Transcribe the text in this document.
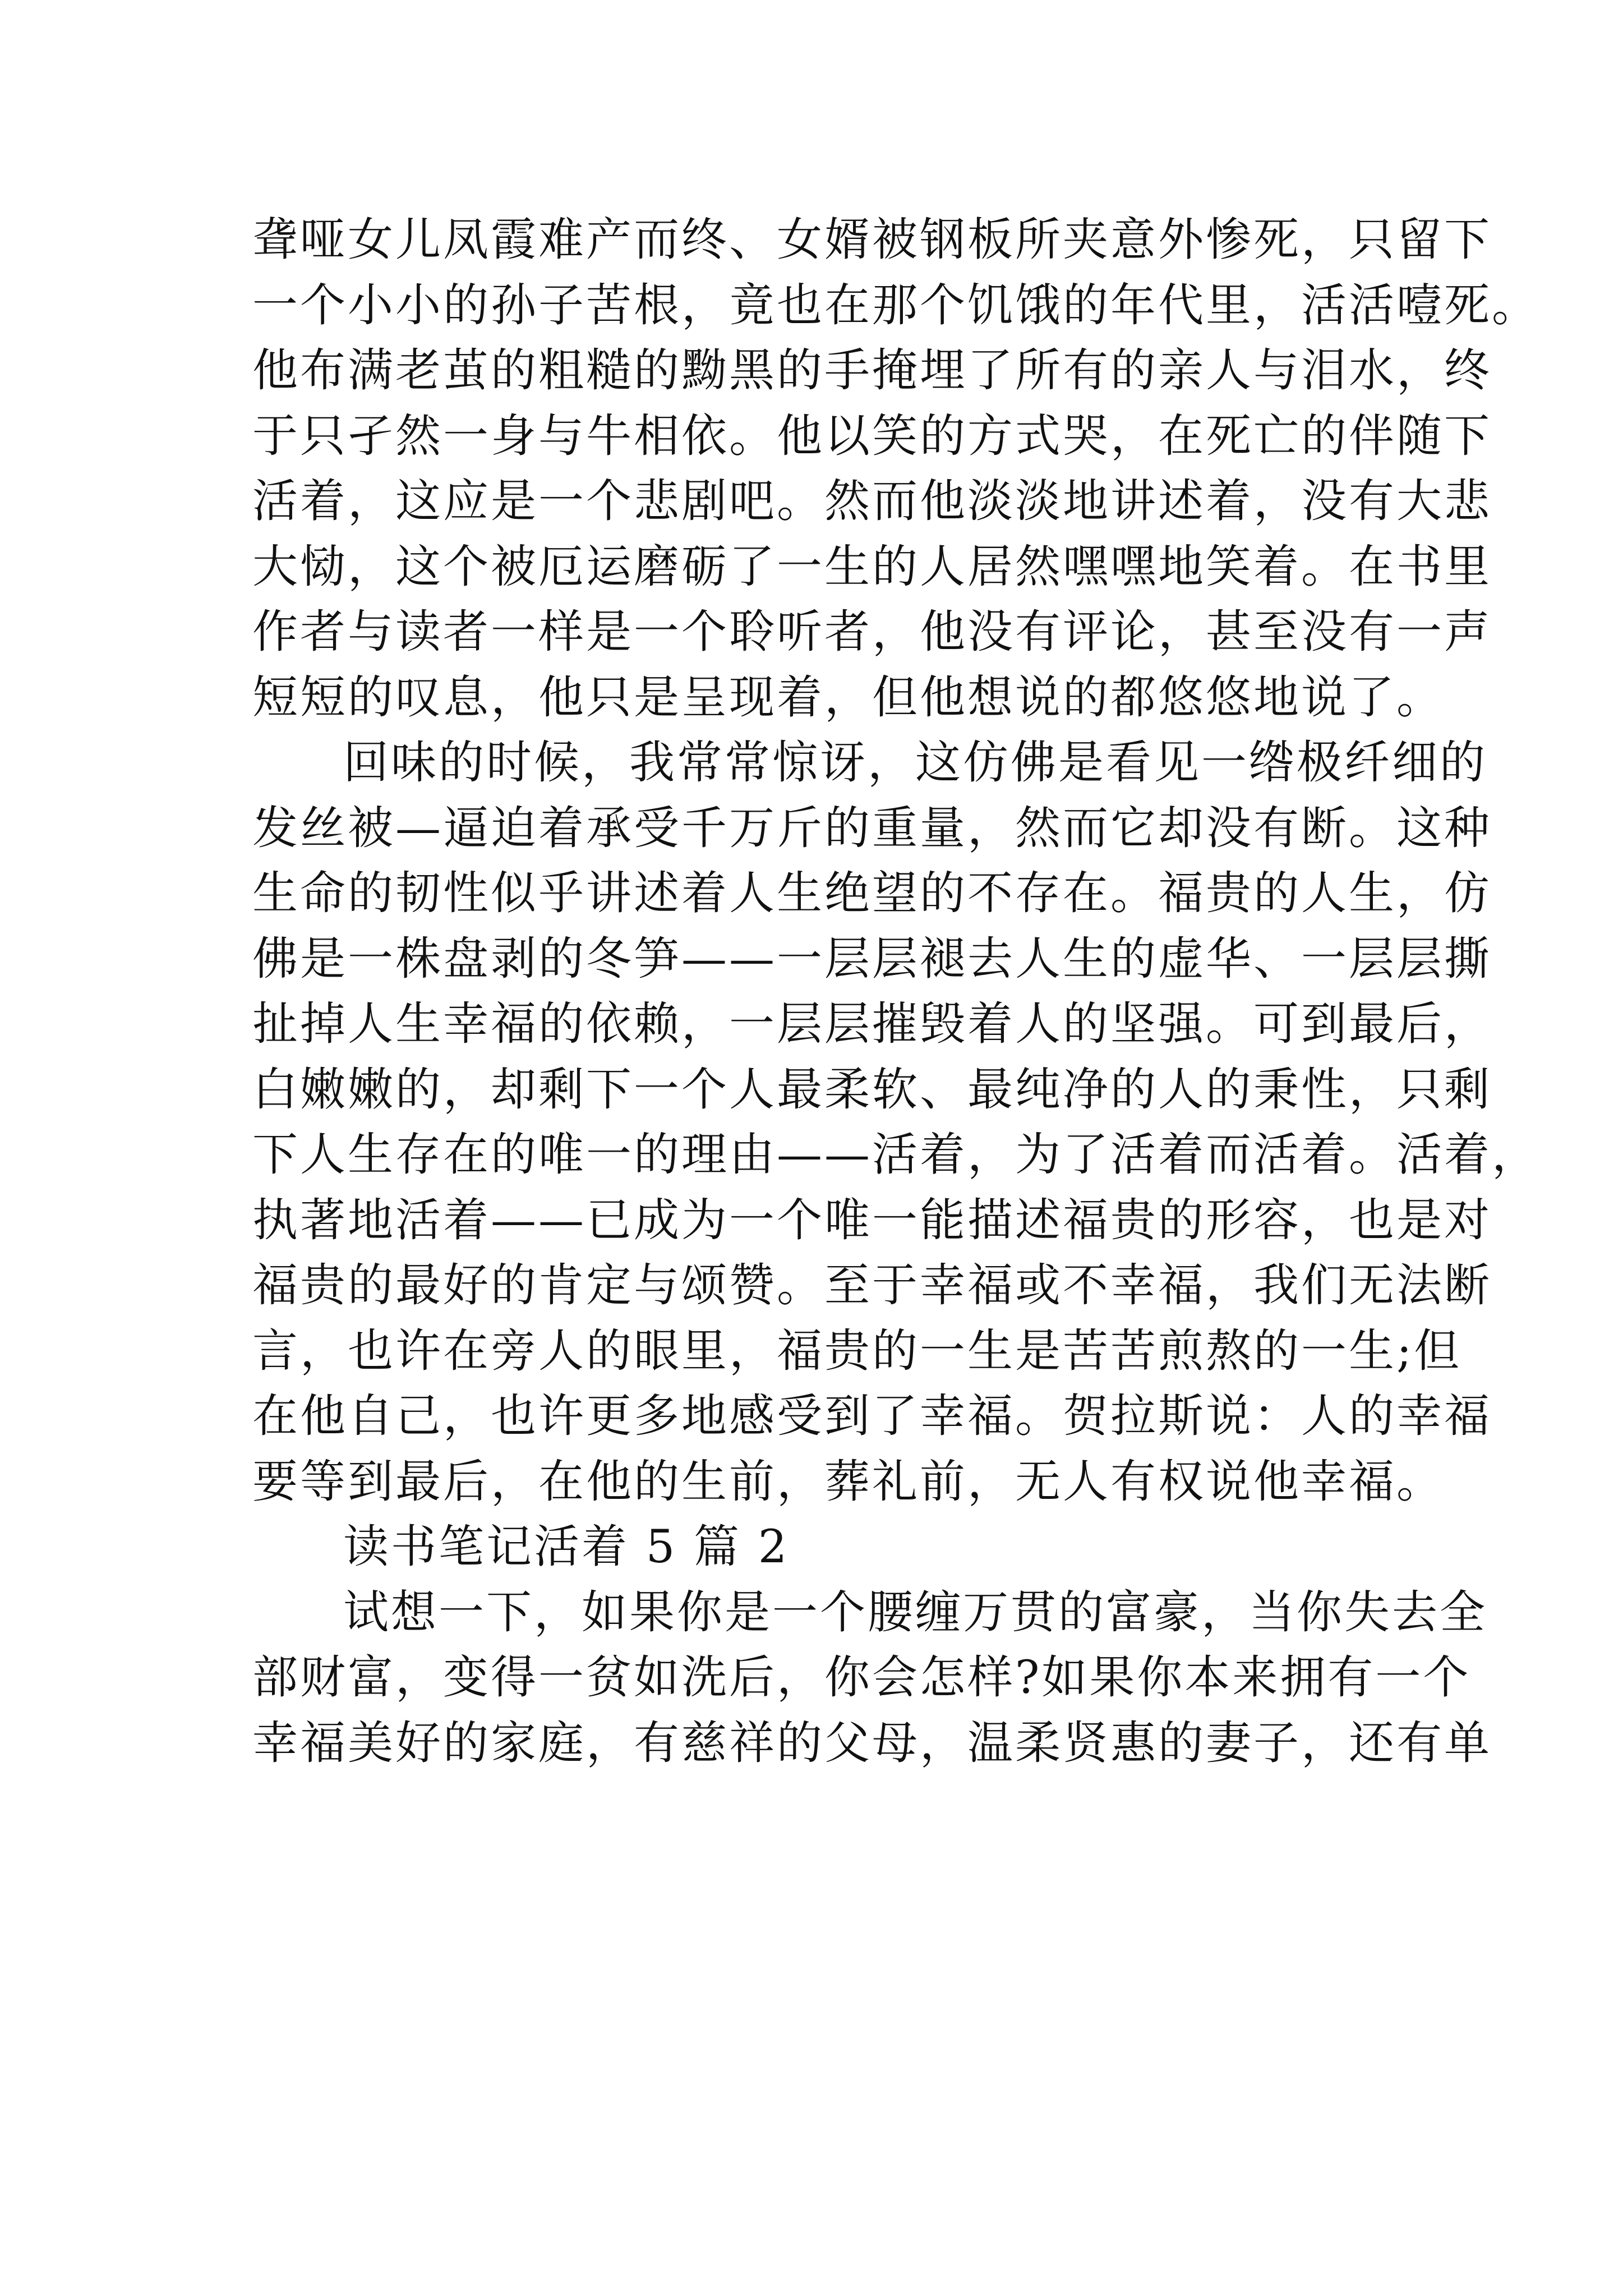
聋哑女儿凤霞难产而终、女婿被钢板所夹意外惨死，只留下
一个小小的孙子苦根，竟也在那个饥饿的年代里，活活噎死。
他布满老茧的粗糙的黝黑的手掩埋了所有的亲人与泪水，终
于只孑然一身与牛相依。他以笑的方式哭，在死亡的伴随下
活着，这应是一个悲剧吧。然而他淡淡地讲述着，没有大悲
大恸，这个被厄运磨砺了一生的人居然嘿嘿地笑着。在书里
作者与读者一样是一个聆听者，他没有评论，甚至没有一声
短短的叹息，他只是呈现着，但他想说的都悠悠地说了。
回味的时候，我常常惊讶，这仿佛是看见一绺极纤细的
发丝被—逼迫着承受千万斤的重量，然而它却没有断。这种
生命的韧性似乎讲述着人生绝望的不存在。福贵的人生，仿
佛是一株盘剥的冬笋——一层层褪去人生的虚华、一层层撕
扯掉人生幸福的依赖，一层层摧毁着人的坚强。可到最后，
白嫩嫩的，却剩下一个人最柔软、最纯净的人的秉性，只剩
下人生存在的唯一的理由——活着，为了活着而活着。活着，
执著地活着——已成为一个唯一能描述福贵的形容，也是对
福贵的最好的肯定与颂赞。至于幸福或不幸福，我们无法断
言，也许在旁人的眼里，福贵的一生是苦苦煎熬的一生;但
在他自己，也许更多地感受到了幸福。贺拉斯说：人的幸福
要等到最后，在他的生前，葬礼前，无人有权说他幸福。
读书笔记活着 5 篇 2
试想一下，如果你是一个腰缠万贯的富豪，当你失去全
部财富，变得一贫如洗后，你会怎样?如果你本来拥有一个
幸福美好的家庭，有慈祥的父母，温柔贤惠的妻子，还有单
